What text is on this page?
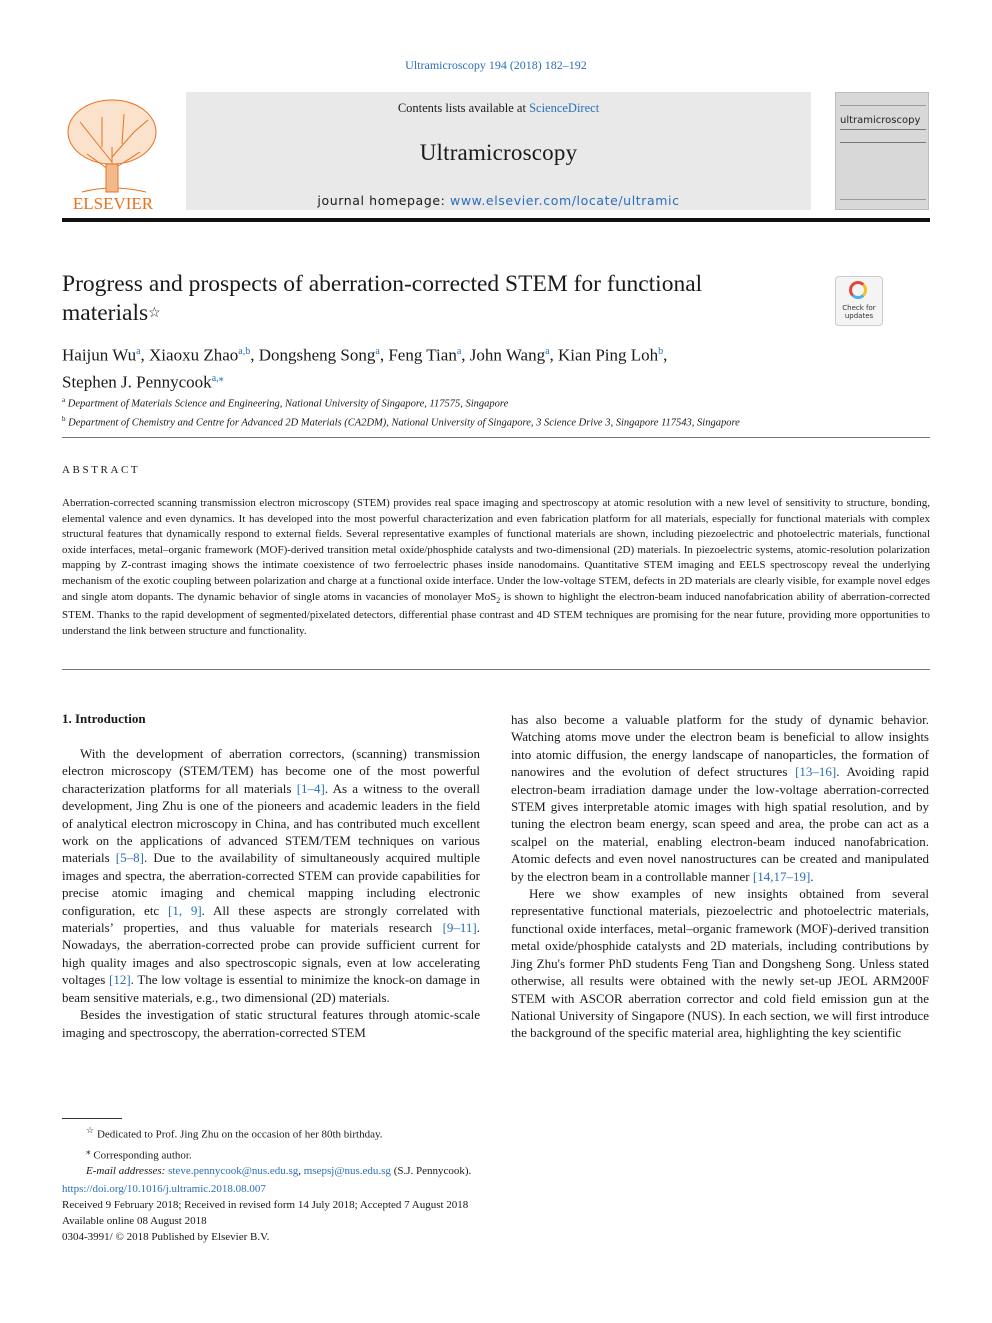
Ultramicroscopy 194 (2018) 182–192
ELSEVIER
Contents lists available at ScienceDirect
Ultramicroscopy
journal homepage: www.elsevier.com/locate/ultramic
ultramicroscopy
Progress and prospects of aberration-corrected STEM for functional materials☆	Check for updates
Haijun Wu$^a$, Xiaoxu Zhao$^{a,b}$, Dongsheng Song$^a$, Feng Tian$^a$, John Wang$^a$, Kian Ping Loh$^b$,
Stephen J. Pennycook$^{a,⁎}$
$^a$ Department of Materials Science and Engineering, National University of Singapore, 117575, Singapore
$^b$ Department of Chemistry and Centre for Advanced 2D Materials (CA2DM), National University of Singapore, 3 Science Drive 3, Singapore 117543, Singapore
ABSTRACT
Aberration-corrected scanning transmission electron microscopy (STEM) provides real space imaging and spectroscopy at atomic resolution with a new level of sensitivity to structure, bonding, elemental valence and even dynamics. It has developed into the most powerful characterization and even fabrication platform for all materials, especially for functional materials with complex structural features that dynamically respond to external fields. Several representative examples of functional materials are shown, including piezoelectric and photoelectric materials, functional oxide interfaces, metal–organic framework (MOF)-derived transition metal oxide/phosphide catalysts and two-dimensional (2D) materials. In piezoelectric systems, atomic-resolution polarization mapping by Z-contrast imaging shows the intimate coexistence of two ferroelectric phases inside nanodomains. Quantitative STEM imaging and EELS spectroscopy reveal the underlying mechanism of the exotic coupling between polarization and charge at a functional oxide interface. Under the low-voltage STEM, defects in 2D materials are clearly visible, for example novel edges and single atom dopants. The dynamic behavior of single atoms in vacancies of monolayer MoS$_2$ is shown to highlight the electron-beam induced nanofabrication ability of aberration-corrected STEM. Thanks to the rapid development of segmented/pixelated detectors, differential phase contrast and 4D STEM techniques are promising for the near future, providing more opportunities to understand the link between structure and functionality.
1. Introduction

With the development of aberration correctors, (scanning) transmission electron microscopy (STEM/TEM) has become one of the most powerful characterization platforms for all materials [1–4]. As a witness to the overall development, Jing Zhu is one of the pioneers and academic leaders in the field of analytical electron microscopy in China, and has contributed much excellent work on the applications of advanced STEM/TEM techniques on various materials [5–8]. Due to the availability of simultaneously acquired multiple images and spectra, the aberration-corrected STEM can provide capabilities for precise atomic imaging and chemical mapping including electronic configuration, etc [1, 9]. All these aspects are strongly correlated with materials’ properties, and thus valuable for materials research [9–11]. Nowadays, the aberration-corrected probe can provide sufficient current for high quality images and also spectroscopic signals, even at low accelerating voltages [12]. The low voltage is essential to minimize the knock-on damage in beam sensitive materials, e.g., two dimensional (2D) materials.

Besides the investigation of static structural features through atomic-scale imaging and spectroscopy, the aberration-corrected STEM

has also become a valuable platform for the study of dynamic behavior. Watching atoms move under the electron beam is beneficial to allow insights into atomic diffusion, the energy landscape of nanoparticles, the formation of nanowires and the evolution of defect structures [13–16]. Avoiding rapid electron-beam irradiation damage under the low-voltage aberration-corrected STEM gives interpretable atomic images with high spatial resolution, and by tuning the electron beam energy, scan speed and area, the probe can act as a scalpel on the material, enabling electron-beam induced nanofabrication. Atomic defects and even novel nanostructures can be created and manipulated by the electron beam in a controllable manner [14,17–19].

Here we show examples of new insights obtained from several representative functional materials, piezoelectric and photoelectric materials, functional oxide interfaces, metal–organic framework (MOF)-derived transition metal oxide/phosphide catalysts and 2D materials, including contributions by Jing Zhu's former PhD students Feng Tian and Dongsheng Song. Unless stated otherwise, all results were obtained with the newly set-up JEOL ARM200F STEM with ASCOR aberration corrector and cold field emission gun at the National University of Singapore (NUS). In each section, we will first introduce the background of the specific material area, highlighting the key scientific

☆ Dedicated to Prof. Jing Zhu on the occasion of her 80th birthday.
⁎ Corresponding author.
E-mail addresses: steve.pennycook@nus.edu.sg, msepsj@nus.edu.sg (S.J. Pennycook).
https://doi.org/10.1016/j.ultramic.2018.08.007
Received 9 February 2018; Received in revised form 14 July 2018; Accepted 7 August 2018
Available online 08 August 2018
0304-3991/ © 2018 Published by Elsevier B.V.
